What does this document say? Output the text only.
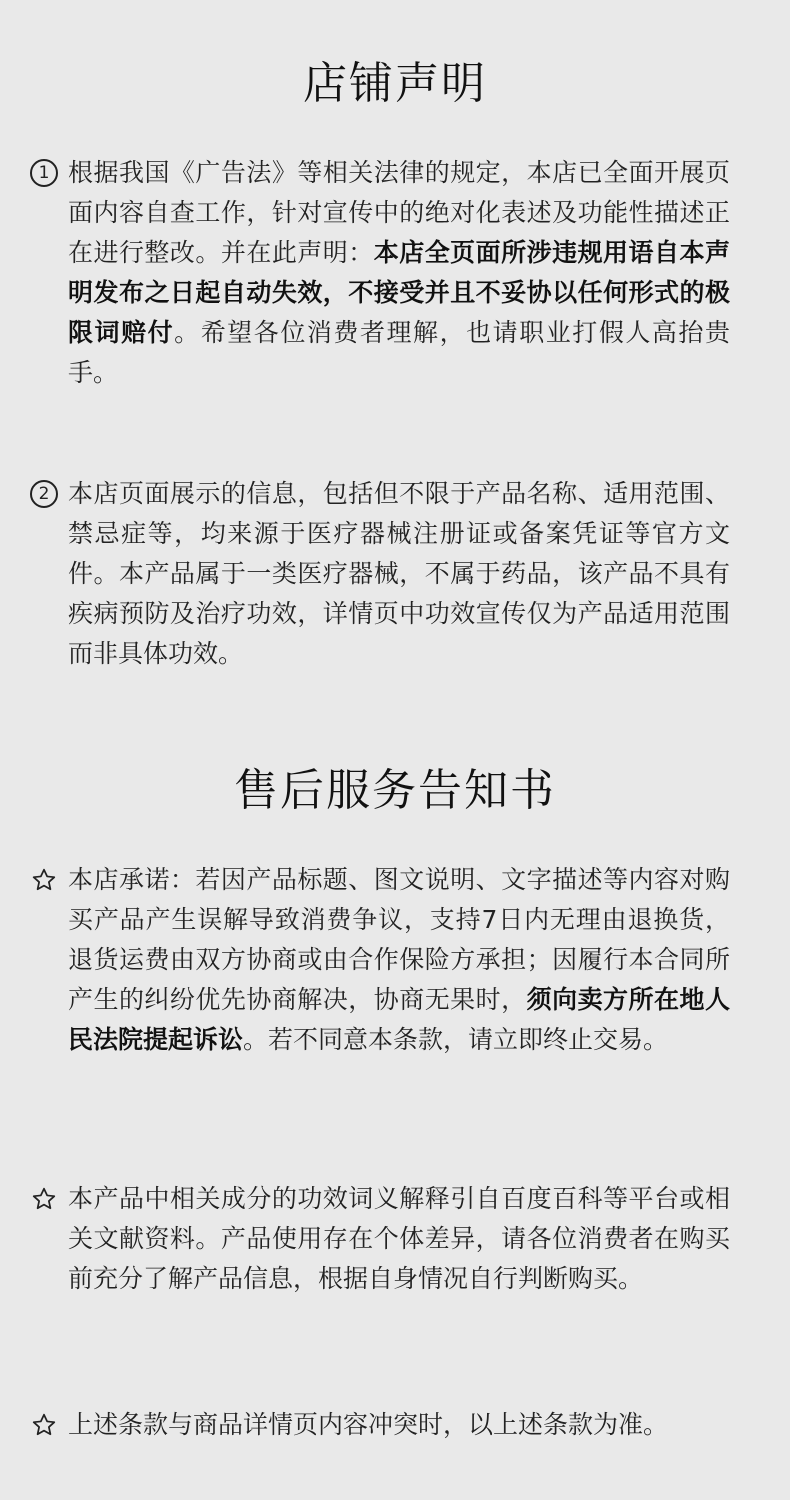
店铺声明
1 根据我国《广告法》等相关法律的规定，本店已全面开展页面内容自查工作，针对宣传中的绝对化表述及功能性描述正在进行整改。并在此声明：本店全页面所涉违规用语自本声明发布之日起自动失效，不接受并且不妥协以任何形式的极限词赔付。希望各位消费者理解，也请职业打假人高抬贵手。
2 本店页面展示的信息，包括但不限于产品名称、适用范围、禁忌症等，均来源于医疗器械注册证或备案凭证等官方文件。本产品属于一类医疗器械，不属于药品，该产品不具有疾病预防及治疗功效，详情页中功效宣传仅为产品适用范围而非具体功效。
售后服务告知书
本店承诺：若因产品标题、图文说明、文字描述等内容对购买产品产生误解导致消费争议，支持7日内无理由退换货，退货运费由双方协商或由合作保险方承担；因履行本合同所产生的纠纷优先协商解决，协商无果时，须向卖方所在地人民法院提起诉讼。若不同意本条款，请立即终止交易。
本产品中相关成分的功效词义解释引自百度百科等平台或相关文献资料。产品使用存在个体差异，请各位消费者在购买前充分了解产品信息，根据自身情况自行判断购买。
上述条款与商品详情页内容冲突时，以上述条款为准。
